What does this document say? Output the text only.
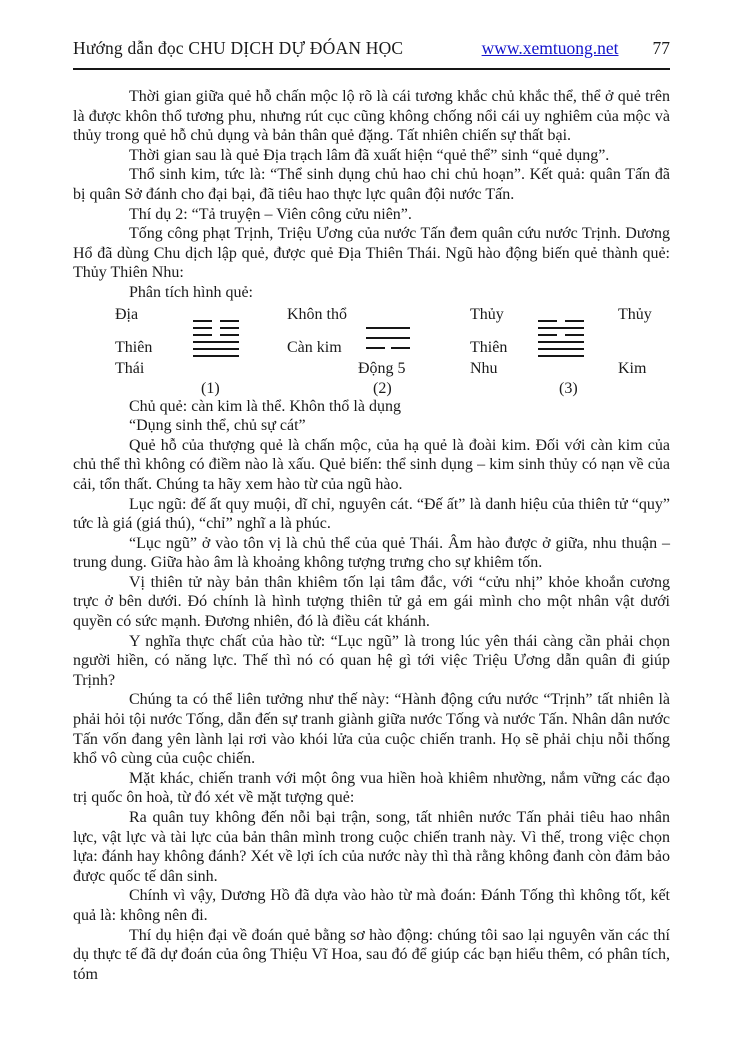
Hướng dẫn đọc CHU DỊCH DỰ ĐÓAN HỌC	www.xemtuong.net 77

Thời gian giữa quẻ hỗ chấn mộc lộ rõ là cái tương khắc chủ khắc thể, thể ở quẻ trên là được khôn thổ tương phu, nhưng rút cục cũng không chống nổi cái uy nghiêm của mộc và thủy trong quẻ hỗ chủ dụng và bản thân quẻ đặng. Tất nhiên chiến sự thất bại.

Thời gian sau là quẻ Địa trạch lâm đã xuất hiện “quẻ thể” sinh “quẻ dụng”.

Thổ sinh kim, tức là: “Thể sinh dụng chủ hao chi chủ hoạn”. Kết quả: quân Tấn đã bị quân Sở đánh cho đại bại, đã tiêu hao thực lực quân đội nước Tấn.

Thí dụ 2: “Tả truyện – Viên công cửu niên”.

Tống công phạt Trịnh, Triệu Ương của nước Tấn đem quân cứu nước Trịnh. Dương Hổ đã dùng Chu dịch lập quẻ, được quẻ Địa Thiên Thái. Ngũ hào động biến quẻ thành quẻ: Thủy Thiên Nhu:

Phân tích hình quẻ:

Địa
Thiên
Thái
(1)
Khôn thổ
Càn kim
Động 5
(2)
Thủy
Thiên
Nhu
(3)
Thủy
Kim

Chủ quẻ: càn kim là thể. Khôn thổ là dụng

“Dụng sinh thể, chủ sự cát”

Quẻ hỗ của thượng quẻ là chấn mộc, của hạ quẻ là đoài kim. Đối với càn kim của chủ thể thì không có điềm nào là xấu. Quẻ biến: thể sinh dụng – kim sinh thủy có nạn về của cải, tổn thất. Chúng ta hãy xem hào từ của ngũ hào.

Lục ngũ: đế ất quy muội, dĩ chỉ, nguyên cát. “Đế ất” là danh hiệu của thiên tử “quy” tức là giá (giá thú), “chỉ” nghĩ a là phúc.

“Lục ngũ” ở vào tôn vị là chủ thể của quẻ Thái. Âm hào được ở giữa, nhu thuận – trung dung. Giữa hào âm là khoảng không tượng trưng cho sự khiêm tốn.

Vị thiên tử này bản thân khiêm tốn lại tâm đắc, với “cửu nhị” khỏe khoắn cương trực ở bên dưới. Đó chính là hình tượng thiên tử gả em gái mình cho một nhân vật dưới quyền có sức mạnh. Đương nhiên, đó là điều cát khánh.

Y nghĩa thực chất của hào từ: “Lục ngũ” là trong lúc yên thái càng cần phải chọn người hiền, có năng lực. Thế thì nó có quan hệ gì tới việc Triệu Ương dẫn quân đi giúp Trịnh?

Chúng ta có thể liên tưởng như thế này: “Hành động cứu nước “Trịnh” tất nhiên là phải hỏi tội nước Tống, dẫn đến sự tranh giành giữa nước Tống và nước Tấn. Nhân dân nước Tấn vốn đang yên lành lại rơi vào khói lửa của cuộc chiến tranh. Họ sẽ phải chịu nỗi thống khổ vô cùng của cuộc chiến.

Mặt khác, chiến tranh với một ông vua hiền hoà khiêm nhường, nắm vững các đạo trị quốc ôn hoà, từ đó xét về mặt tượng quẻ:

Ra quân tuy không đến nỗi bại trận, song, tất nhiên nước Tấn phải tiêu hao nhân lực, vật lực và tài lực của bản thân mình trong cuộc chiến tranh này. Vì thế, trong việc chọn lựa: đánh hay không đánh? Xét về lợi ích của nước này thì thà rằng không đanh còn đảm bảo được quốc tế dân sinh.

Chính vì vậy, Dương Hồ đã dựa vào hào từ mà đoán: Đánh Tống thì không tốt, kết quả là: không nên đi.

Thí dụ hiện đại về đoán quẻ bằng sơ hào động: chúng tôi sao lại nguyên văn các thí dụ thực tế đã dự đoán của ông Thiệu Vĩ Hoa, sau đó để giúp các bạn hiểu thêm, có phân tích, tóm
